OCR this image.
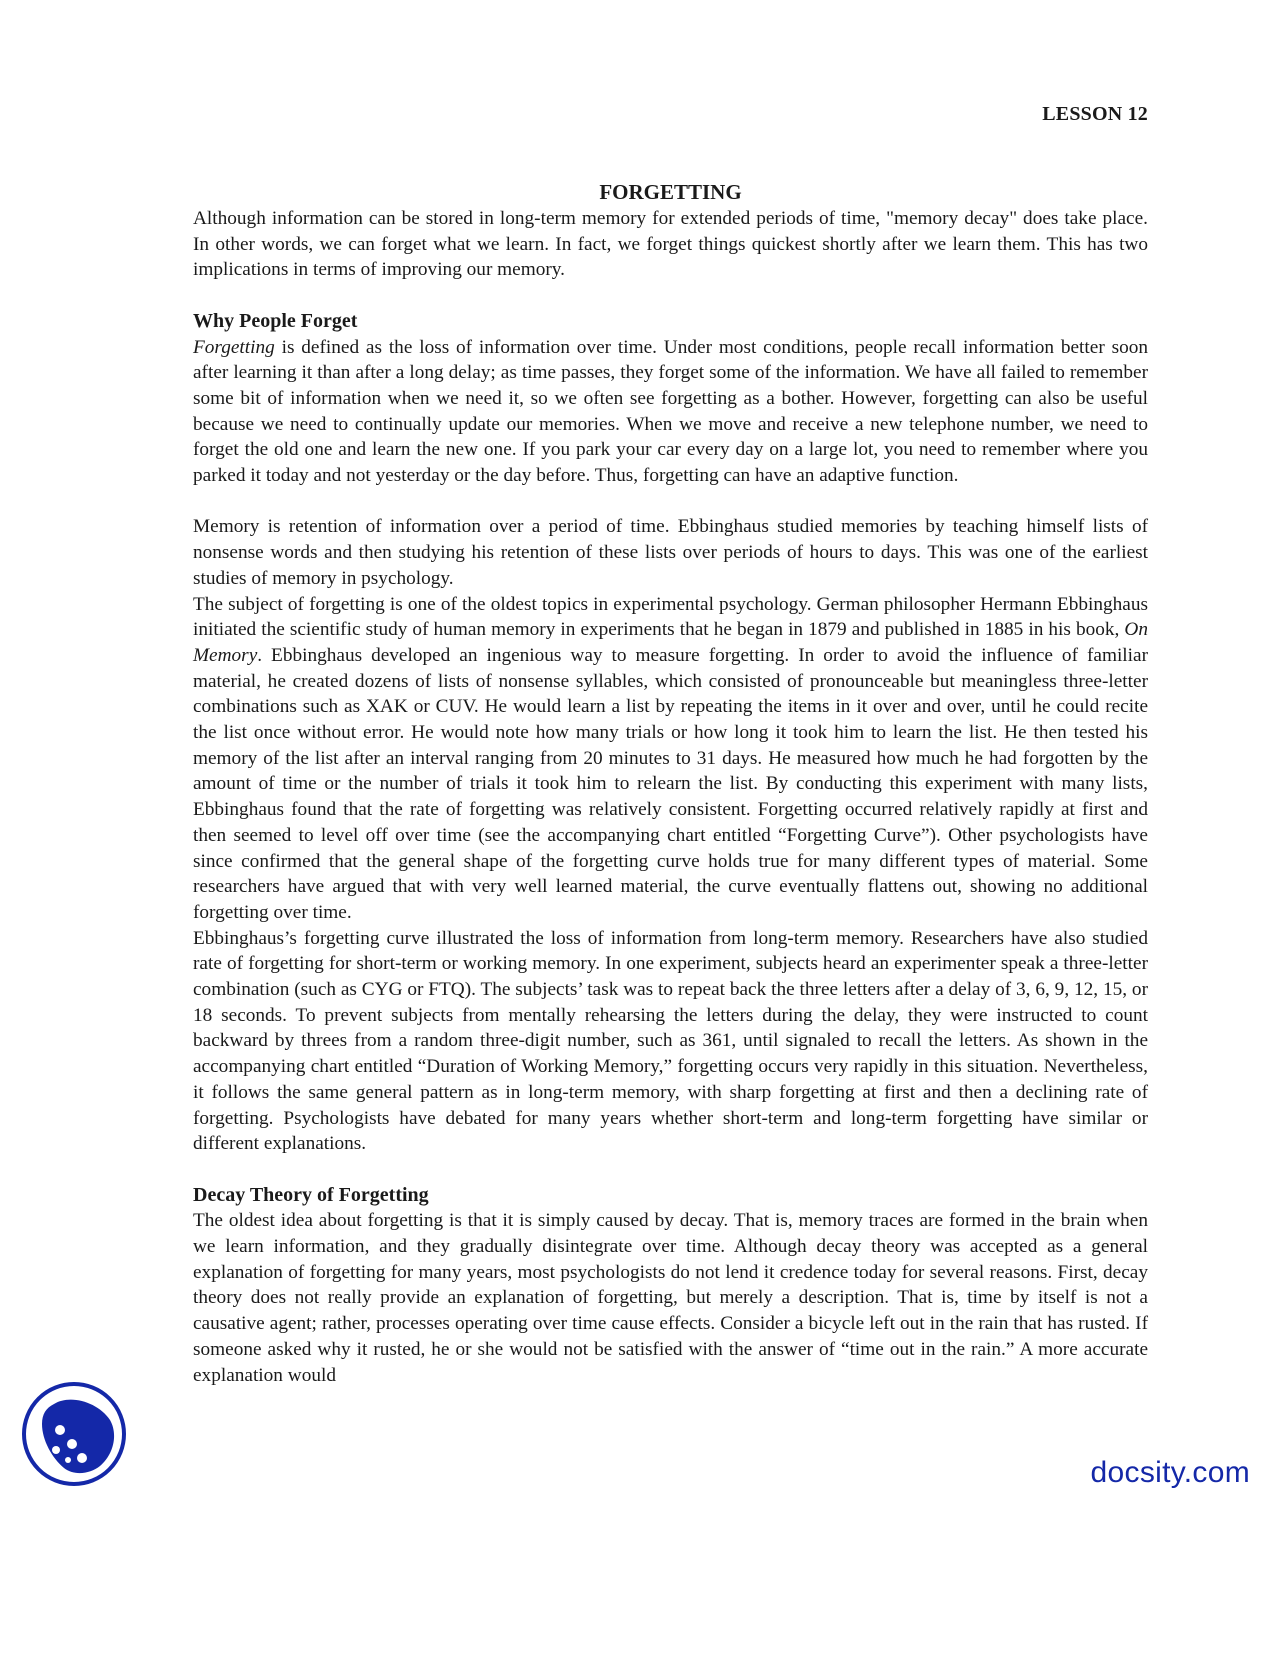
LESSON 12
FORGETTING

Although information can be stored in long-term memory for extended periods of time, "memory decay" does take place. In other words, we can forget what we learn. In fact, we forget things quickest shortly after we learn them. This has two implications in terms of improving our memory.

Why People Forget

Forgetting is defined as the loss of information over time. Under most conditions, people recall information better soon after learning it than after a long delay; as time passes, they forget some of the information. We have all failed to remember some bit of information when we need it, so we often see forgetting as a bother. However, forgetting can also be useful because we need to continually update our memories. When we move and receive a new telephone number, we need to forget the old one and learn the new one. If you park your car every day on a large lot, you need to remember where you parked it today and not yesterday or the day before. Thus, forgetting can have an adaptive function.

Memory is retention of information over a period of time. Ebbinghaus studied memories by teaching himself lists of nonsense words and then studying his retention of these lists over periods of hours to days. This was one of the earliest studies of memory in psychology.

The subject of forgetting is one of the oldest topics in experimental psychology. German philosopher Hermann Ebbinghaus initiated the scientific study of human memory in experiments that he began in 1879 and published in 1885 in his book, On Memory. Ebbinghaus developed an ingenious way to measure forgetting. In order to avoid the influence of familiar material, he created dozens of lists of nonsense syllables, which consisted of pronounceable but meaningless three-letter combinations such as XAK or CUV. He would learn a list by repeating the items in it over and over, until he could recite the list once without error. He would note how many trials or how long it took him to learn the list. He then tested his memory of the list after an interval ranging from 20 minutes to 31 days. He measured how much he had forgotten by the amount of time or the number of trials it took him to relearn the list. By conducting this experiment with many lists, Ebbinghaus found that the rate of forgetting was relatively consistent. Forgetting occurred relatively rapidly at first and then seemed to level off over time (see the accompanying chart entitled “Forgetting Curve”). Other psychologists have since confirmed that the general shape of the forgetting curve holds true for many different types of material. Some researchers have argued that with very well learned material, the curve eventually flattens out, showing no additional forgetting over time.

Ebbinghaus’s forgetting curve illustrated the loss of information from long-term memory. Researchers have also studied rate of forgetting for short-term or working memory. In one experiment, subjects heard an experimenter speak a three-letter combination (such as CYG or FTQ). The subjects’ task was to repeat back the three letters after a delay of 3, 6, 9, 12, 15, or 18 seconds. To prevent subjects from mentally rehearsing the letters during the delay, they were instructed to count backward by threes from a random three-digit number, such as 361, until signaled to recall the letters. As shown in the accompanying chart entitled “Duration of Working Memory,” forgetting occurs very rapidly in this situation. Nevertheless, it follows the same general pattern as in long-term memory, with sharp forgetting at first and then a declining rate of forgetting. Psychologists have debated for many years whether short-term and long-term forgetting have similar or different explanations.

Decay Theory of Forgetting

The oldest idea about forgetting is that it is simply caused by decay. That is, memory traces are formed in the brain when we learn information, and they gradually disintegrate over time. Although decay theory was accepted as a general explanation of forgetting for many years, most psychologists do not lend it credence today for several reasons. First, decay theory does not really provide an explanation of forgetting, but merely a description. That is, time by itself is not a causative agent; rather, processes operating over time cause effects. Consider a bicycle left out in the rain that has rusted. If someone asked why it rusted, he or she would not be satisfied with the answer of “time out in the rain.” A more accurate explanation would

docsity.com
